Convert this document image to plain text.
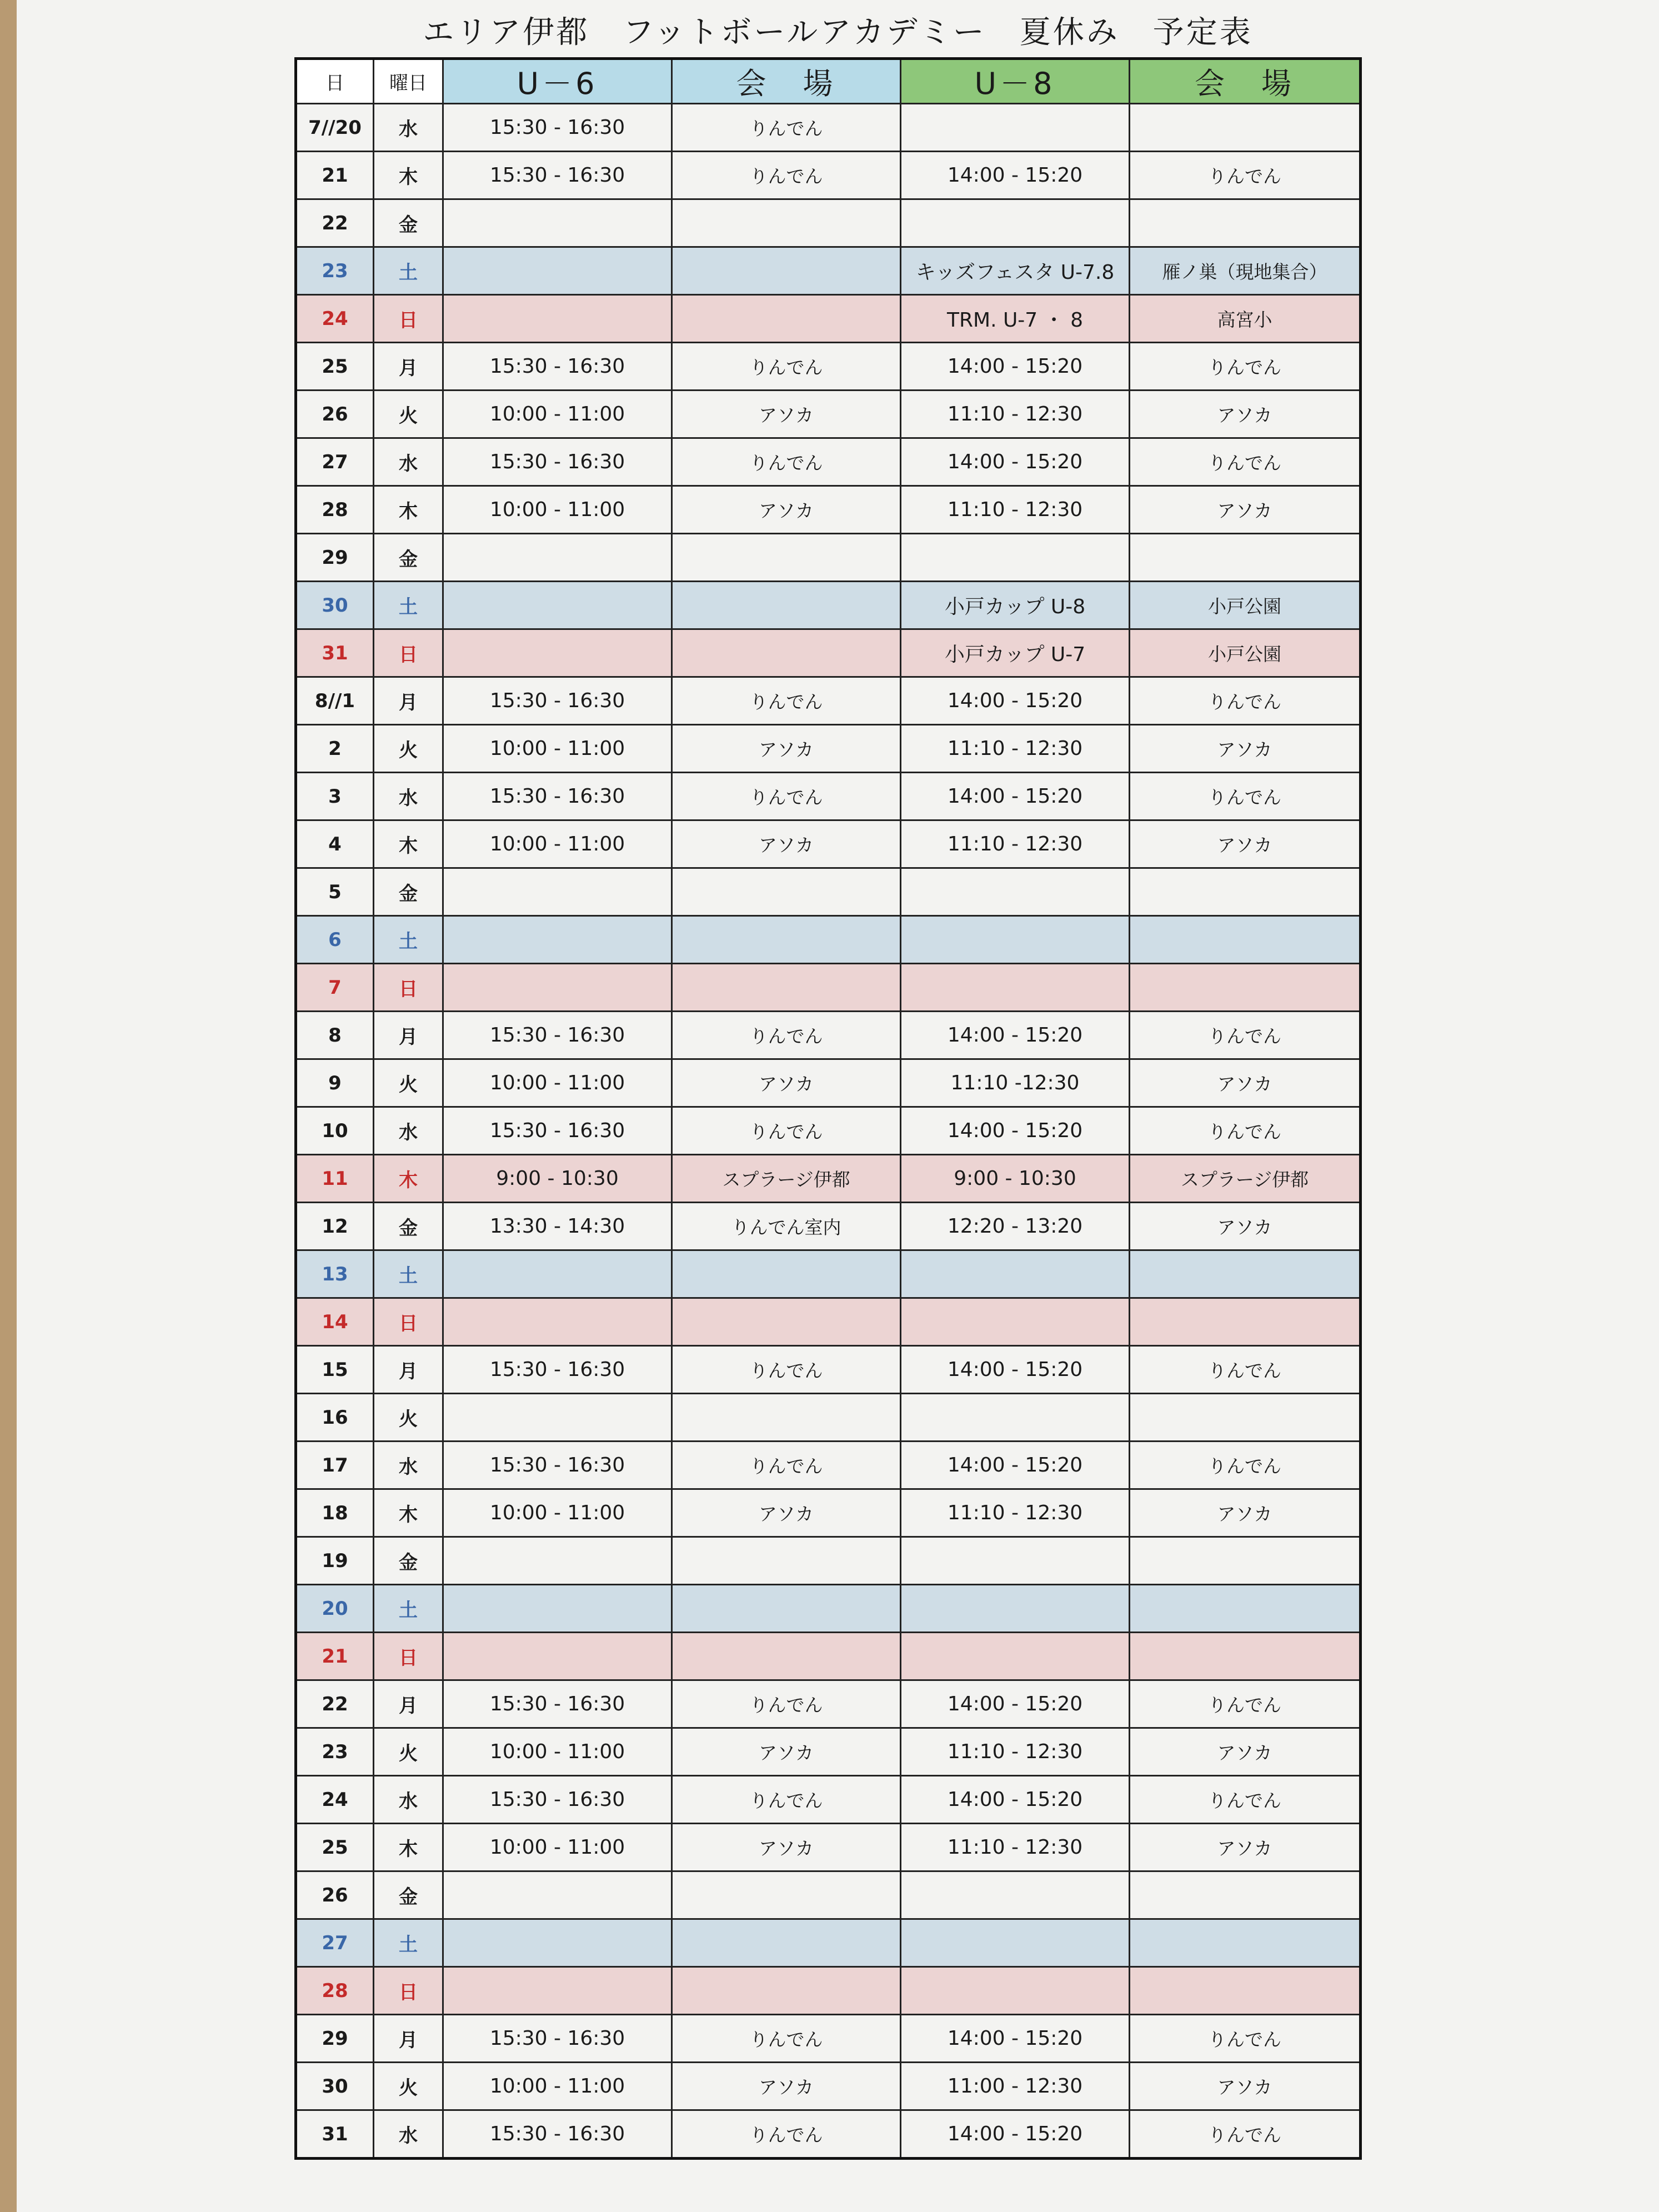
エリア伊都　フットボールアカデミー　夏休み　予定表
日	曜日	U－6	会　場	U－8	会　場
7//20	水	15:30 - 16:30	りんでん		
21	木	15:30 - 16:30	りんでん	14:00 - 15:20	りんでん
22	金				
23	土			キッズフェスタ U-7.8	雁ノ巣（現地集合）
24	日			TRM. U-7 ・ 8	高宮小
25	月	15:30 - 16:30	りんでん	14:00 - 15:20	りんでん
26	火	10:00 - 11:00	アソカ	11:10 - 12:30	アソカ
27	水	15:30 - 16:30	りんでん	14:00 - 15:20	りんでん
28	木	10:00 - 11:00	アソカ	11:10 - 12:30	アソカ
29	金				
30	土			小戸カップ U-8	小戸公園
31	日			小戸カップ U-7	小戸公園
8//1	月	15:30 - 16:30	りんでん	14:00 - 15:20	りんでん
2	火	10:00 - 11:00	アソカ	11:10 - 12:30	アソカ
3	水	15:30 - 16:30	りんでん	14:00 - 15:20	りんでん
4	木	10:00 - 11:00	アソカ	11:10 - 12:30	アソカ
5	金				
6	土				
7	日				
8	月	15:30 - 16:30	りんでん	14:00 - 15:20	りんでん
9	火	10:00 - 11:00	アソカ	11:10 -12:30	アソカ
10	水	15:30 - 16:30	りんでん	14:00 - 15:20	りんでん
11	木	9:00 - 10:30	スプラージ伊都	9:00 - 10:30	スプラージ伊都
12	金	13:30 - 14:30	りんでん室内	12:20 - 13:20	アソカ
13	土				
14	日				
15	月	15:30 - 16:30	りんでん	14:00 - 15:20	りんでん
16	火				
17	水	15:30 - 16:30	りんでん	14:00 - 15:20	りんでん
18	木	10:00 - 11:00	アソカ	11:10 - 12:30	アソカ
19	金				
20	土				
21	日				
22	月	15:30 - 16:30	りんでん	14:00 - 15:20	りんでん
23	火	10:00 - 11:00	アソカ	11:10 - 12:30	アソカ
24	水	15:30 - 16:30	りんでん	14:00 - 15:20	りんでん
25	木	10:00 - 11:00	アソカ	11:10 - 12:30	アソカ
26	金				
27	土				
28	日				
29	月	15:30 - 16:30	りんでん	14:00 - 15:20	りんでん
30	火	10:00 - 11:00	アソカ	11:00 - 12:30	アソカ
31	水	15:30 - 16:30	りんでん	14:00 - 15:20	りんでん
